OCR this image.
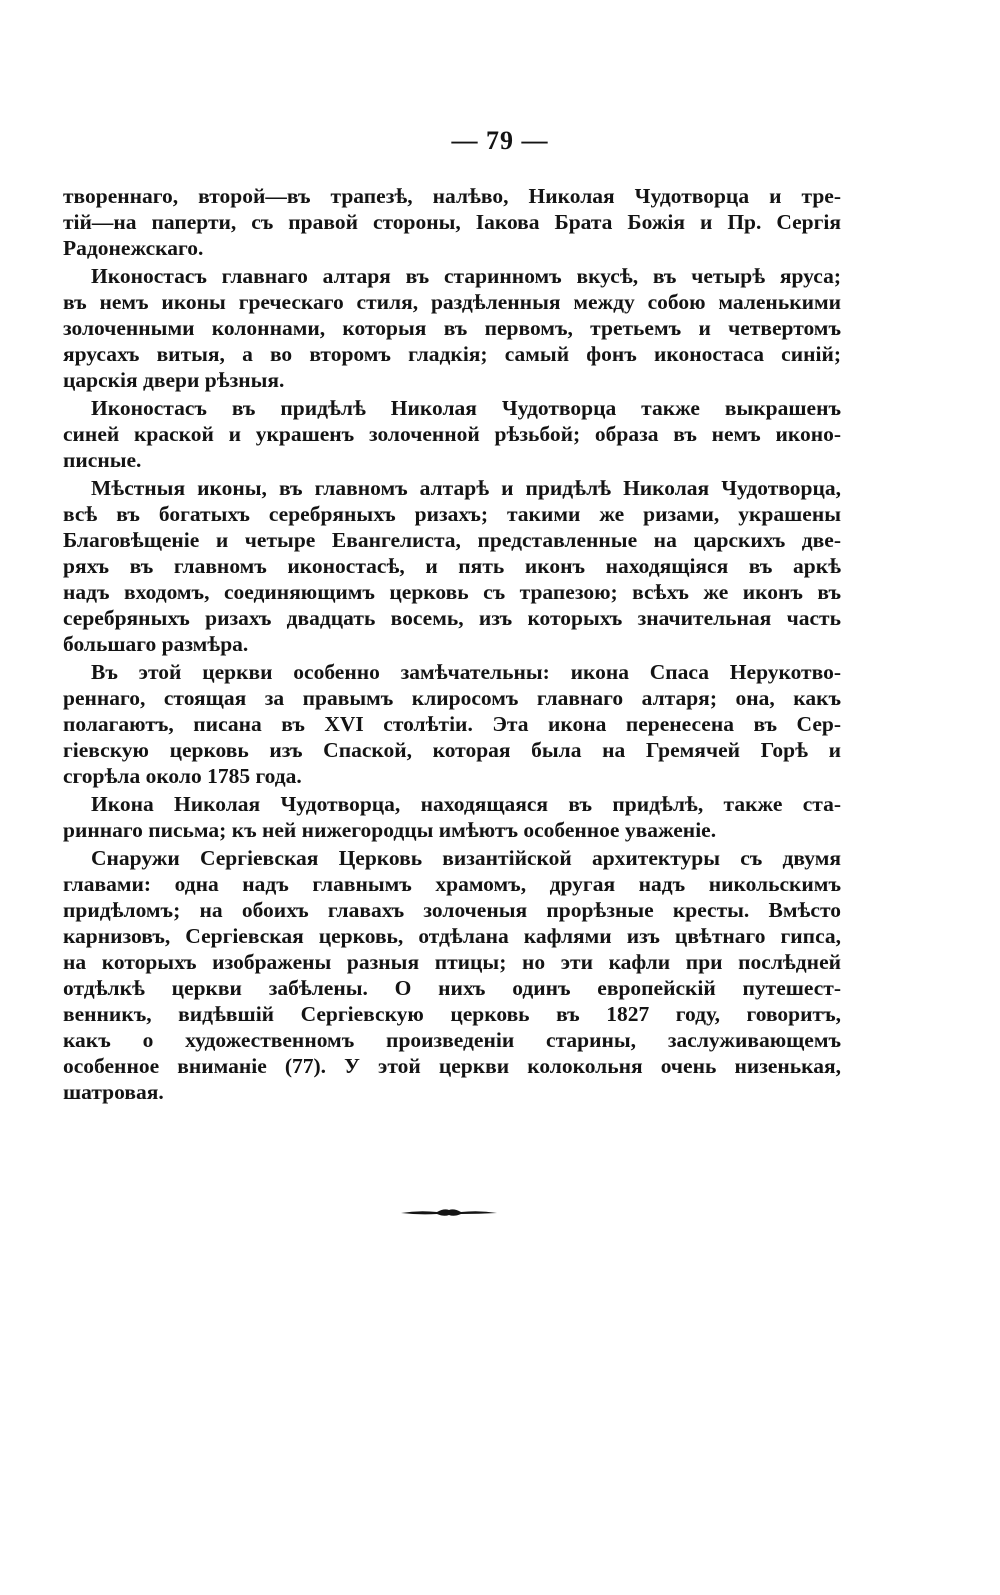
— 79 —
твореннаго, второй—въ трапезѣ, налѣво, Николая Чудотворца и тре-
тій—на паперти, съ правой стороны, Іакова Брата Божія и Пр. Сергія
Радонежскаго.
Иконостасъ главнаго алтаря въ старинномъ вкусѣ, въ четырѣ яруса;
въ немъ иконы греческаго стиля, раздѣленныя между собою маленькими
золоченными колоннами, которыя въ первомъ, третьемъ и четвертомъ
ярусахъ витыя, а во второмъ гладкія; самый фонъ иконостаса синій;
царскія двери рѣзныя.
Иконостасъ въ придѣлѣ Николая Чудотворца также выкрашенъ
синей краской и украшенъ золоченной рѣзьбой; образа въ немъ иконо-
писные.
Мѣстныя иконы, въ главномъ алтарѣ и придѣлѣ Николая Чудотворца,
всѣ въ богатыхъ серебряныхъ ризахъ; такими же ризами, украшены
Благовѣщеніе и четыре Евангелиста, представленные на царскихъ две-
ряхъ въ главномъ иконостасѣ, и пять иконъ находящіяся въ аркѣ
надъ входомъ, соединяющимъ церковь съ трапезою; всѣхъ же иконъ въ
серебряныхъ ризахъ двадцать восемь, изъ которыхъ значительная часть
большаго размѣра.
Въ этой церкви особенно замѣчательны: икона Спаса Нерукотво-
реннаго, стоящая за правымъ клиросомъ главнаго алтаря; она, какъ
полагаютъ, писана въ XVI столѣтіи. Эта икона перенесена въ Сер-
гіевскую церковь изъ Спаской, которая была на Гремячей Горѣ и
сгорѣла около 1785 года.
Икона Николая Чудотворца, находящаяся въ придѣлѣ, также ста-
риннаго письма; къ ней нижегородцы имѣютъ особенное уваженіе.
Снаружи Сергіевская Церковь византійской архитектуры съ двумя
главами: одна надъ главнымъ храмомъ, другая надъ никольскимъ
придѣломъ; на обоихъ главахъ золоченыя прорѣзные кресты. Вмѣсто
карнизовъ, Сергіевская церковь, отдѣлана кафлями изъ цвѣтнаго гипса,
на которыхъ изображены разныя птицы; но эти кафли при послѣдней
отдѣлкѣ церкви забѣлены. О нихъ одинъ европейскій путешест-
венникъ, видѣвшій Сергіевскую церковь въ 1827 году, говоритъ,
какъ о художественномъ произведеніи старины, заслуживающемъ
особенное вниманіе (77). У этой церкви колокольня очень низенькая,
шатровая.
